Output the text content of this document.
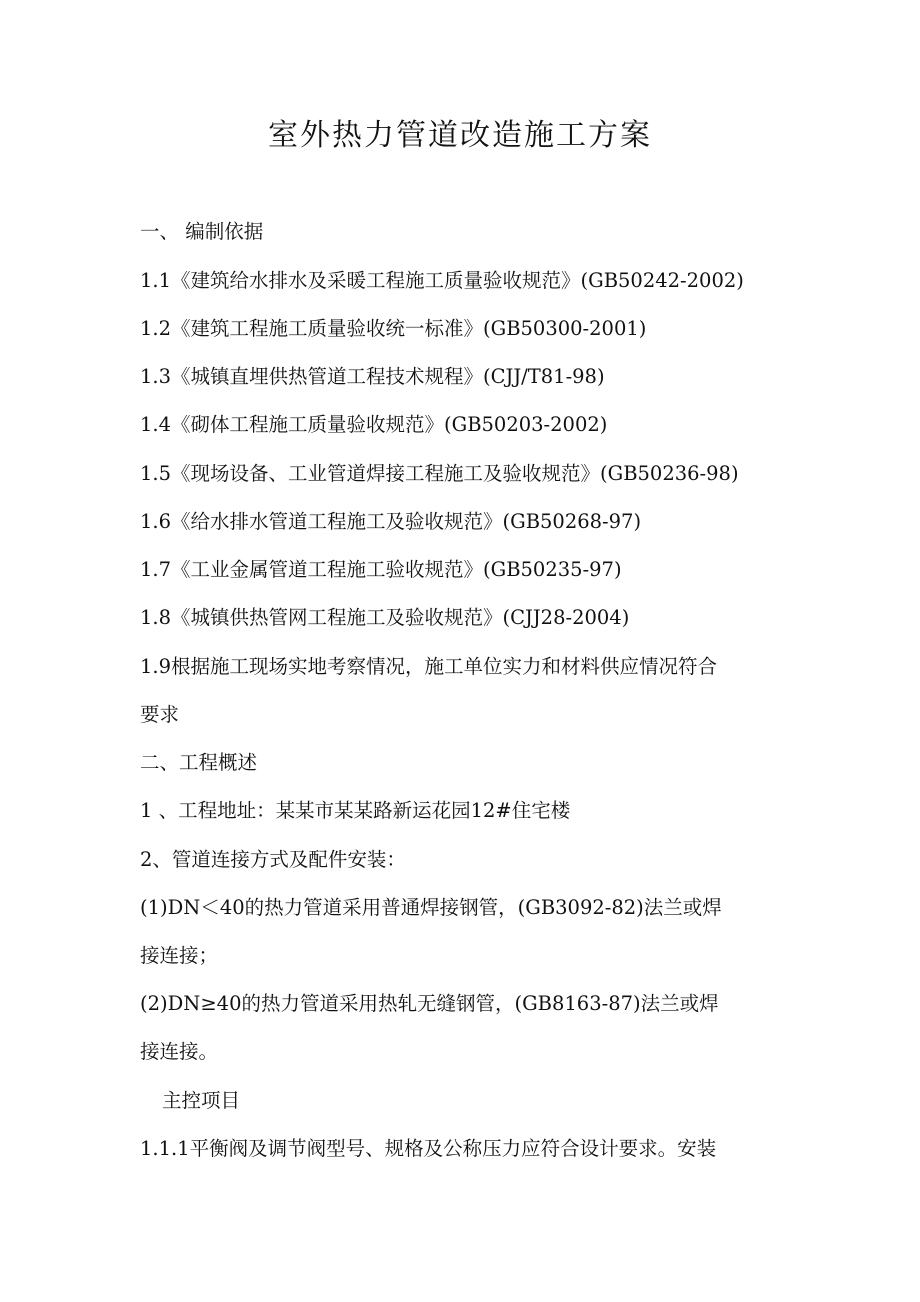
室外热力管道改造施工方案
一、 编制依据
1.1《建筑给水排水及采暖工程施工质量验收规范》(GB50242-2002)
1.2《建筑工程施工质量验收统一标准》(GB50300-2001)
1.3《城镇直埋供热管道工程技术规程》(CJJ/T81-98)
1.4《砌体工程施工质量验收规范》(GB50203-2002)
1.5《现场设备、工业管道焊接工程施工及验收规范》(GB50236-98)
1.6《给水排水管道工程施工及验收规范》(GB50268-97)
1.7《工业金属管道工程施工验收规范》(GB50235-97)
1.8《城镇供热管网工程施工及验收规范》(CJJ28-2004)
1.9根据施工现场实地考察情况，施工单位实力和材料供应情况符合
要求
二、工程概述
1 、工程地址：某某市某某路新运花园12#住宅楼
2、管道连接方式及配件安装：
(1)DN＜40的热力管道采用普通焊接钢管，(GB3092-82)法兰或焊
接连接；
(2)DN≥40的热力管道采用热轧无缝钢管，(GB8163-87)法兰或焊
接连接。
主控项目
1.1.1平衡阀及调节阀型号、规格及公称压力应符合设计要求。安装
